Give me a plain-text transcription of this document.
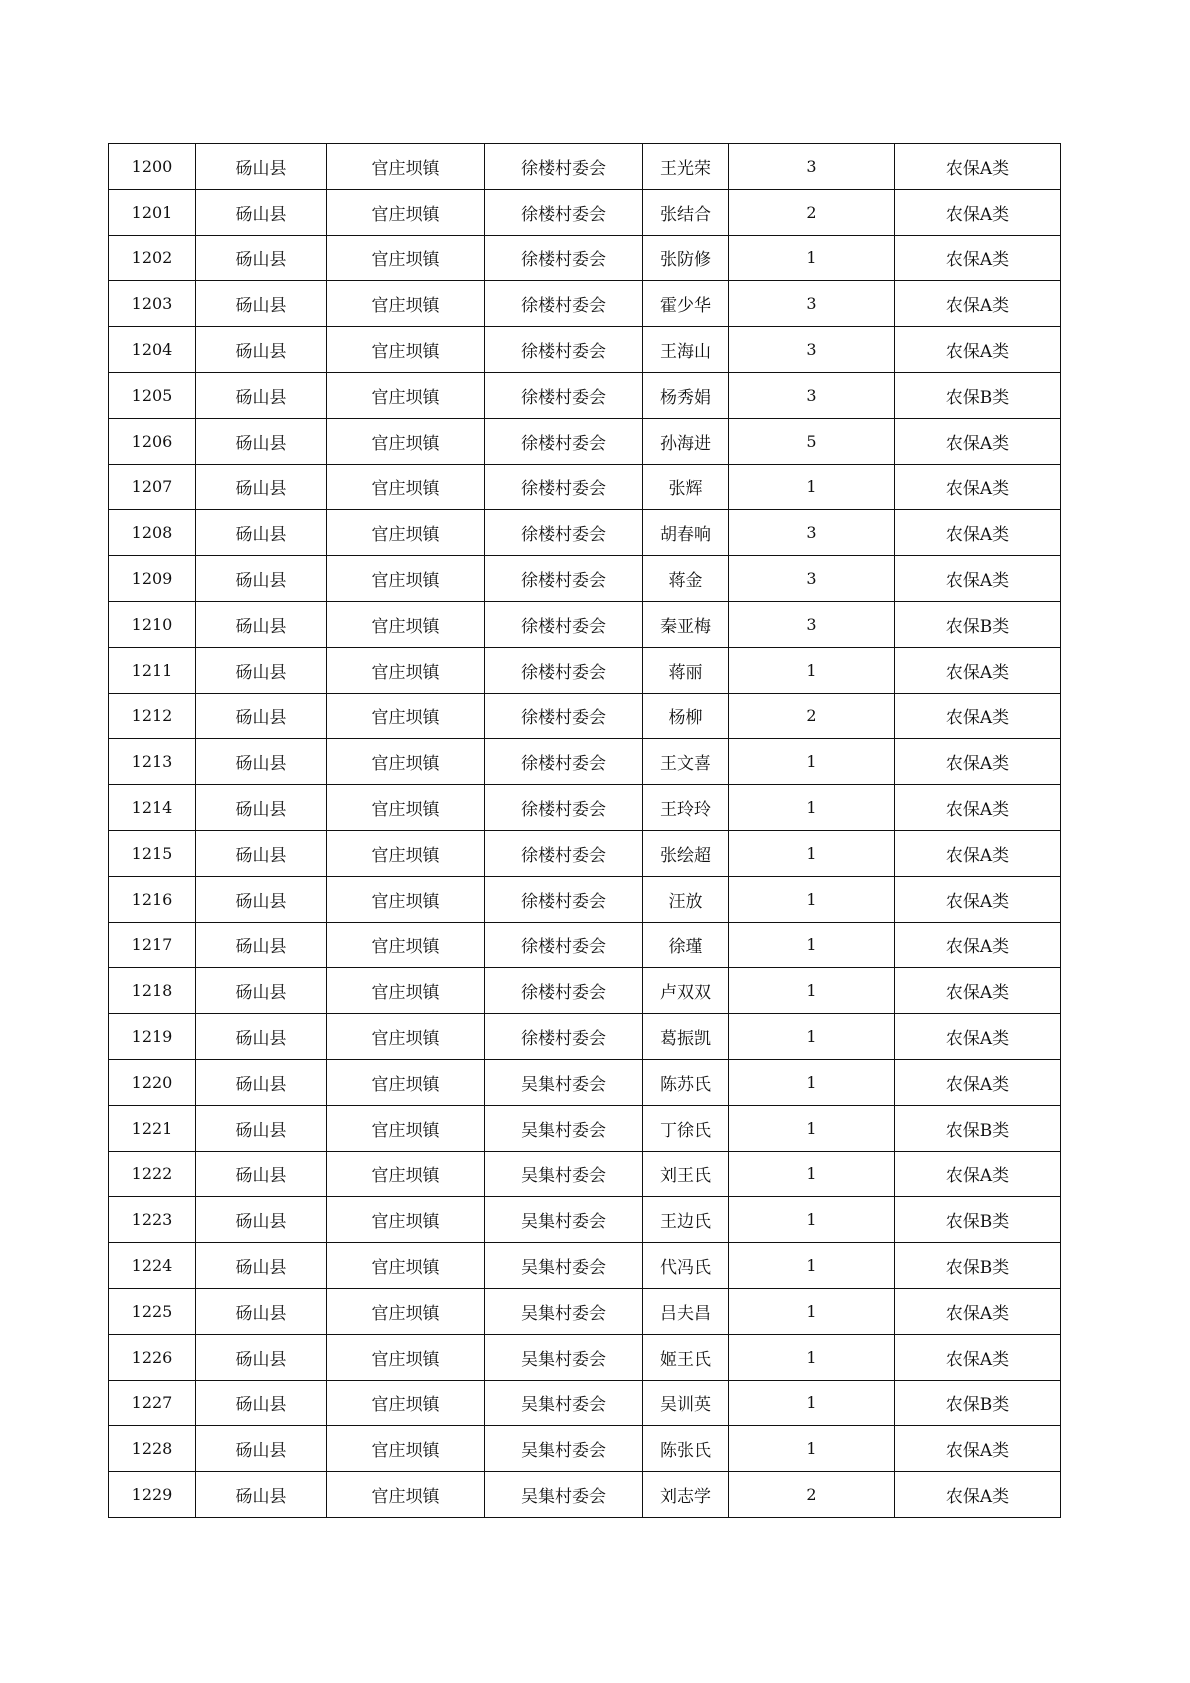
1200	砀山县	官庄坝镇	徐楼村委会	王光荣	3	农保A类
1201	砀山县	官庄坝镇	徐楼村委会	张结合	2	农保A类
1202	砀山县	官庄坝镇	徐楼村委会	张防修	1	农保A类
1203	砀山县	官庄坝镇	徐楼村委会	霍少华	3	农保A类
1204	砀山县	官庄坝镇	徐楼村委会	王海山	3	农保A类
1205	砀山县	官庄坝镇	徐楼村委会	杨秀娟	3	农保B类
1206	砀山县	官庄坝镇	徐楼村委会	孙海进	5	农保A类
1207	砀山县	官庄坝镇	徐楼村委会	张辉	1	农保A类
1208	砀山县	官庄坝镇	徐楼村委会	胡春响	3	农保A类
1209	砀山县	官庄坝镇	徐楼村委会	蒋金	3	农保A类
1210	砀山县	官庄坝镇	徐楼村委会	秦亚梅	3	农保B类
1211	砀山县	官庄坝镇	徐楼村委会	蒋丽	1	农保A类
1212	砀山县	官庄坝镇	徐楼村委会	杨柳	2	农保A类
1213	砀山县	官庄坝镇	徐楼村委会	王文喜	1	农保A类
1214	砀山县	官庄坝镇	徐楼村委会	王玲玲	1	农保A类
1215	砀山县	官庄坝镇	徐楼村委会	张绘超	1	农保A类
1216	砀山县	官庄坝镇	徐楼村委会	汪放	1	农保A类
1217	砀山县	官庄坝镇	徐楼村委会	徐瑾	1	农保A类
1218	砀山县	官庄坝镇	徐楼村委会	卢双双	1	农保A类
1219	砀山县	官庄坝镇	徐楼村委会	葛振凯	1	农保A类
1220	砀山县	官庄坝镇	吴集村委会	陈苏氏	1	农保A类
1221	砀山县	官庄坝镇	吴集村委会	丁徐氏	1	农保B类
1222	砀山县	官庄坝镇	吴集村委会	刘王氏	1	农保A类
1223	砀山县	官庄坝镇	吴集村委会	王边氏	1	农保B类
1224	砀山县	官庄坝镇	吴集村委会	代冯氏	1	农保B类
1225	砀山县	官庄坝镇	吴集村委会	吕夫昌	1	农保A类
1226	砀山县	官庄坝镇	吴集村委会	姬王氏	1	农保A类
1227	砀山县	官庄坝镇	吴集村委会	吴训英	1	农保B类
1228	砀山县	官庄坝镇	吴集村委会	陈张氏	1	农保A类
1229	砀山县	官庄坝镇	吴集村委会	刘志学	2	农保A类
